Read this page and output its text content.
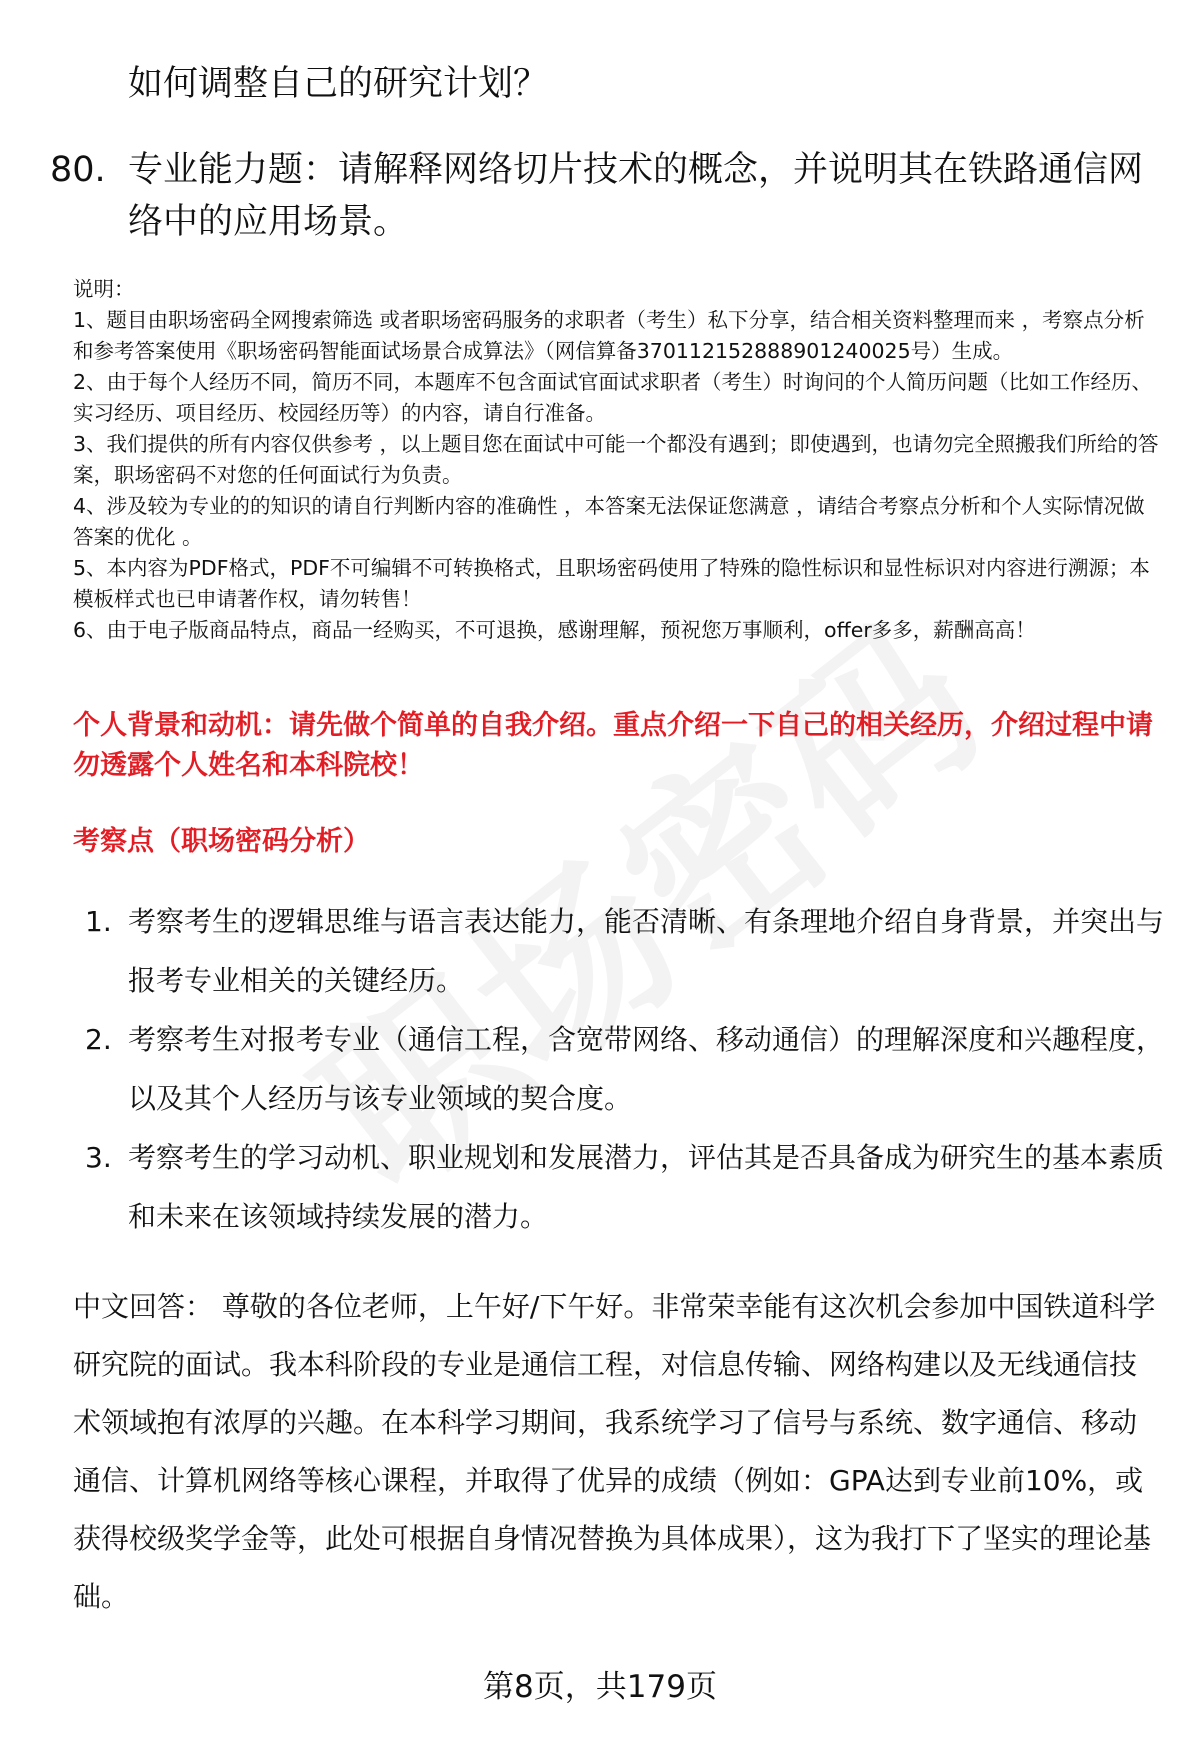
如何调整自己的研究计划？
80. 专业能力题：请解释网络切片技术的概念，并说明其在铁路通信网络中的应用场景。

说明：

1、题目由职场密码全网搜索筛选 或者职场密码服务的求职者（考生）私下分享，结合相关资料整理而来 ，考察点分析和参考答案使用《职场密码智能面试场景合成算法》（网信算备370112152888901240025号）生成。

2、由于每个人经历不同，简历不同，本题库不包含面试官面试求职者（考生）时询问的个人简历问题（比如工作经历、实习经历、项目经历、校园经历等）的内容，请自行准备。

3、我们提供的所有内容仅供参考 ，以上题目您在面试中可能一个都没有遇到；即使遇到，也请勿完全照搬我们所给的答案，职场密码不对您的任何面试行为负责。

4、涉及较为专业的的知识的请自行判断内容的准确性 ，本答案无法保证您满意 ，请结合考察点分析和个人实际情况做答案的优化 。

5、本内容为PDF格式，PDF不可编辑不可转换格式，且职场密码使用了特殊的隐性标识和显性标识对内容进行溯源；本模板样式也已申请著作权，请勿转售！

6、由于电子版商品特点，商品一经购买，不可退换，感谢理解，预祝您万事顺利，offer多多，薪酬高高！

个人背景和动机：请先做个简单的自我介绍。重点介绍一下自己的相关经历，介绍过程中请勿透露个人姓名和本科院校！
考察点（职场密码分析）
1. 考察考生的逻辑思维与语言表达能力，能否清晰、有条理地介绍自身背景，并突出与报考专业相关的关键经历。
2. 考察考生对报考专业（通信工程，含宽带网络、移动通信）的理解深度和兴趣程度，以及其个人经历与该专业领域的契合度。
3. 考察考生的学习动机、职业规划和发展潜力，评估其是否具备成为研究生的基本素质和未来在该领域持续发展的潜力。

中文回答： 尊敬的各位老师，上午好/下午好。非常荣幸能有这次机会参加中国铁道科学研究院的面试。我本科阶段的专业是通信工程，对信息传输、网络构建以及无线通信技术领域抱有浓厚的兴趣。在本科学习期间，我系统学习了信号与系统、数字通信、移动通信、计算机网络等核心课程，并取得了优异的成绩（例如：GPA达到专业前10%，或获得校级奖学金等，此处可根据自身情况替换为具体成果），这为我打下了坚实的理论基础。

第8页，共179页
